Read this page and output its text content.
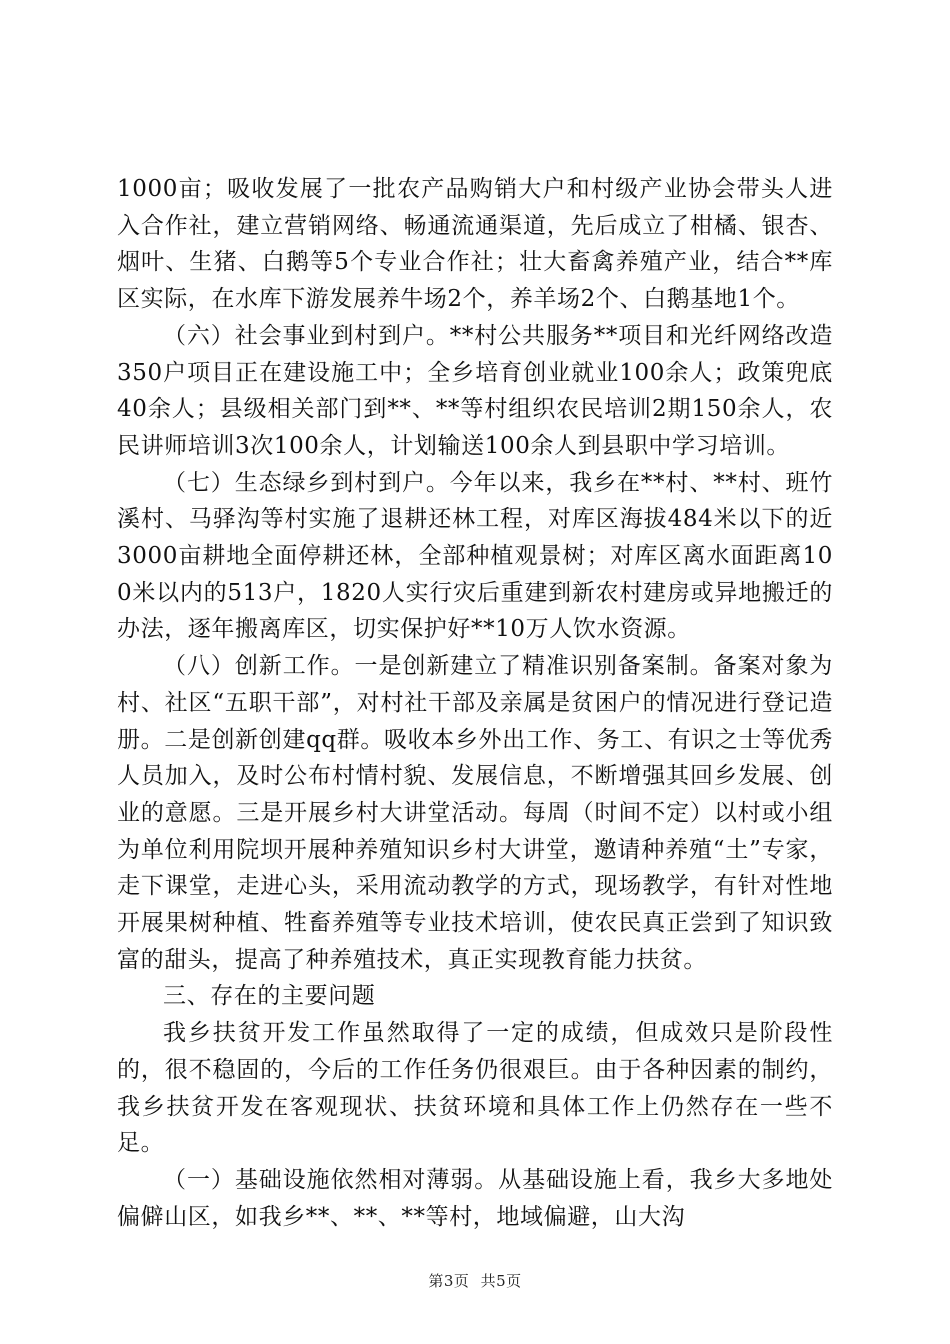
1000亩；吸收发展了一批农产品购销大户和村级产业协会带头人进入合作社，建立营销网络、畅通流通渠道，先后成立了柑橘、银杏、烟叶、生猪、白鹅等5个专业合作社；壮大畜禽养殖产业，结合**库区实际，在水库下游发展养牛场2个，养羊场2个、白鹅基地1个。

（六）社会事业到村到户。**村公共服务**项目和光纤网络改造350户项目正在建设施工中；全乡培育创业就业100余人；政策兜底40余人；县级相关部门到**、**等村组织农民培训2期150余人，农民讲师培训3次100余人，计划输送100余人到县职中学习培训。

（七）生态绿乡到村到户。今年以来，我乡在**村、**村、班竹溪村、马驿沟等村实施了退耕还林工程，对库区海拔484米以下的近3000亩耕地全面停耕还林，全部种植观景树；对库区离水面距离100米以内的513户，1820人实行灾后重建到新农村建房或异地搬迁的办法，逐年搬离库区，切实保护好**10万人饮水资源。

（八）创新工作。一是创新建立了精准识别备案制。备案对象为村、社区“五职干部”，对村社干部及亲属是贫困户的情况进行登记造册。二是创新创建qq群。吸收本乡外出工作、务工、有识之士等优秀人员加入，及时公布村情村貌、发展信息，不断增强其回乡发展、创业的意愿。三是开展乡村大讲堂活动。每周（时间不定）以村或小组为单位利用院坝开展种养殖知识乡村大讲堂，邀请种养殖“土”专家，走下课堂，走进心头，采用流动教学的方式，现场教学，有针对性地开展果树种植、牲畜养殖等专业技术培训，使农民真正尝到了知识致富的甜头，提高了种养殖技术，真正实现教育能力扶贫。

三、存在的主要问题

我乡扶贫开发工作虽然取得了一定的成绩，但成效只是阶段性的，很不稳固的，今后的工作任务仍很艰巨。由于各种因素的制约，我乡扶贫开发在客观现状、扶贫环境和具体工作上仍然存在一些不足。

（一）基础设施依然相对薄弱。从基础设施上看，我乡大多地处偏僻山区，如我乡**、**、**等村，地域偏避，山大沟

第3页 共5页
